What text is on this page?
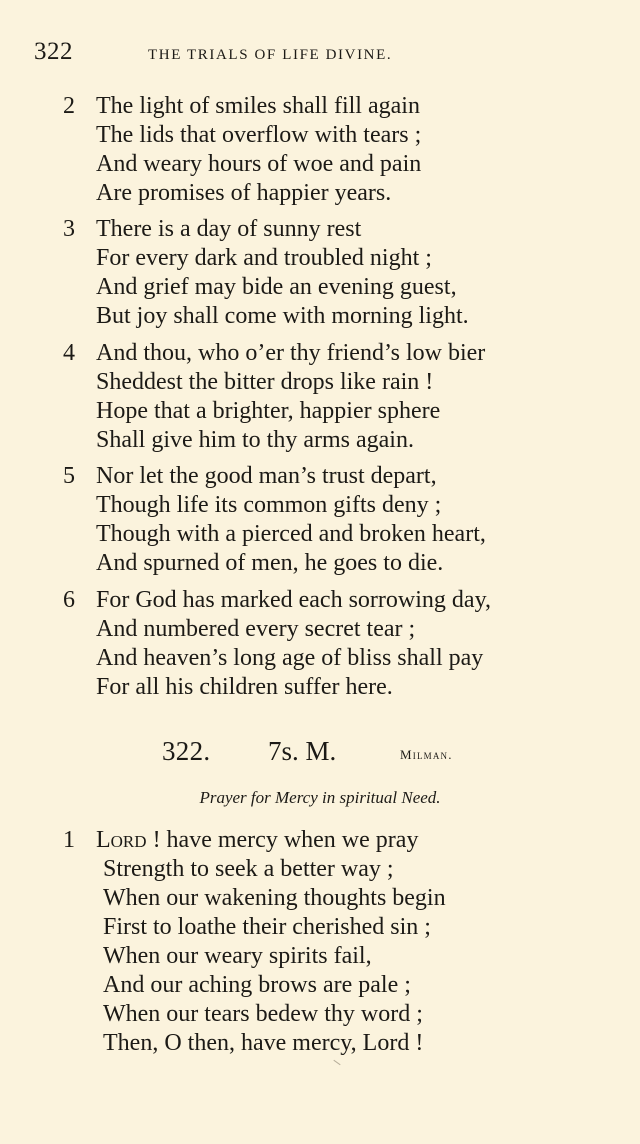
322	THE TRIALS OF LIFE DIVINE.
2 The light of smiles shall fill again
The lids that overflow with tears ;
And weary hours of woe and pain
Are promises of happier years.
3 There is a day of sunny rest
For every dark and troubled night ;
And grief may bide an evening guest,
But joy shall come with morning light.
4 And thou, who o’er thy friend’s low bier
Sheddest the bitter drops like rain !
Hope that a brighter, happier sphere
Shall give him to thy arms again.
5 Nor let the good man’s trust depart,
Though life its common gifts deny ;
Though with a pierced and broken heart,
And spurned of men, he goes to die.
6 For God has marked each sorrowing day,
And numbered every secret tear ;
And heaven’s long age of bliss shall pay
For all his children suffer here.
322. 7s. M.	Milman.
Prayer for Mercy in spiritual Need.
1 Lord ! have mercy when we pray
Strength to seek a better way ;
When our wakening thoughts begin
First to loathe their cherished sin ;
When our weary spirits fail,
And our aching brows are pale ;
When our tears bedew thy word ;
Then, O then, have mercy, Lord !
